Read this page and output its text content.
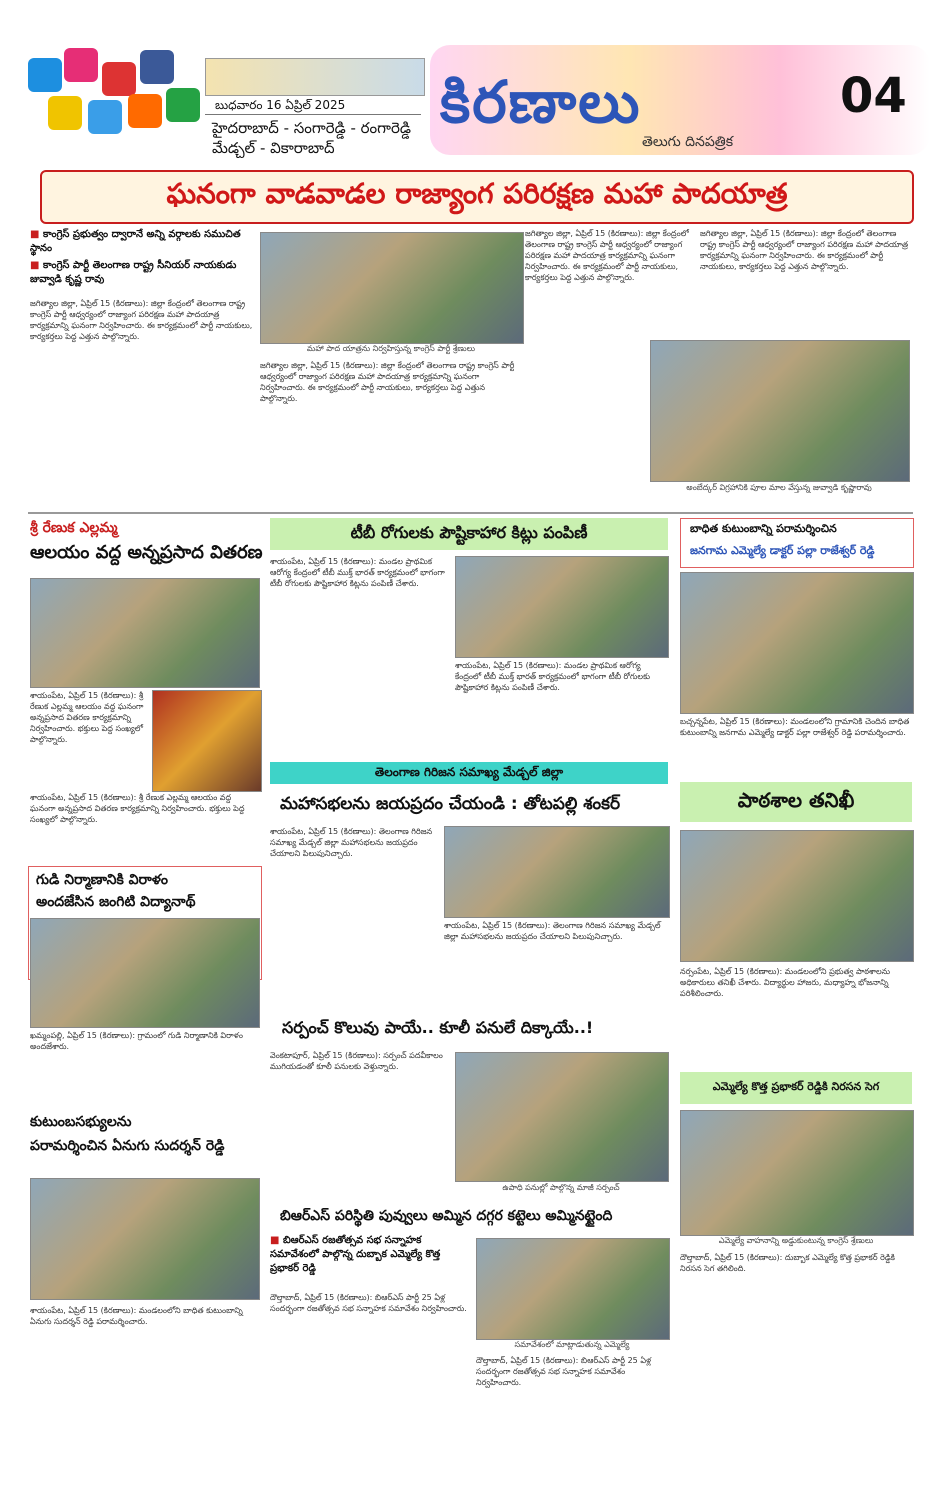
బుధవారం 16 ఏప్రిల్ 2025
హైదరాబాద్ - సంగారెడ్డి - రంగారెడ్డి
మేడ్చల్ - వికారాబాద్
కిరణాలు
తెలుగు దినపత్రిక
04
ఘనంగా వాడవాడల రాజ్యాంగ పరిరక్షణ మహా పాదయాత్ర
■ కాంగ్రెస్ ప్రభుత్వం ద్వారానే అన్ని వర్గాలకు సముచిత స్థానం
■ కాంగ్రెస్ పార్టీ తెలంగాణ రాష్ట్ర సీనియర్ నాయకుడు జువ్వాడి కృష్ణ రావు
జగిత్యాల జిల్లా, ఏప్రిల్ 15 (కిరణాలు): జిల్లా కేంద్రంలో తెలంగాణ రాష్ట్ర కాంగ్రెస్ పార్టీ ఆధ్వర్యంలో రాజ్యాంగ పరిరక్షణ మహా పాదయాత్ర కార్యక్రమాన్ని ఘనంగా నిర్వహించారు. ఈ కార్యక్రమంలో పార్టీ నాయకులు, కార్యకర్తలు పెద్ద ఎత్తున పాల్గొన్నారు.
మహా పాద యాత్రను నిర్వహిస్తున్న కాంగ్రెస్ పార్టీ శ్రేణులు
జగిత్యాల జిల్లా, ఏప్రిల్ 15 (కిరణాలు): జిల్లా కేంద్రంలో తెలంగాణ రాష్ట్ర కాంగ్రెస్ పార్టీ ఆధ్వర్యంలో రాజ్యాంగ పరిరక్షణ మహా పాదయాత్ర కార్యక్రమాన్ని ఘనంగా నిర్వహించారు. ఈ కార్యక్రమంలో పార్టీ నాయకులు, కార్యకర్తలు పెద్ద ఎత్తున పాల్గొన్నారు.
జగిత్యాల జిల్లా, ఏప్రిల్ 15 (కిరణాలు): జిల్లా కేంద్రంలో తెలంగాణ రాష్ట్ర కాంగ్రెస్ పార్టీ ఆధ్వర్యంలో రాజ్యాంగ పరిరక్షణ మహా పాదయాత్ర కార్యక్రమాన్ని ఘనంగా నిర్వహించారు. ఈ కార్యక్రమంలో పార్టీ నాయకులు, కార్యకర్తలు పెద్ద ఎత్తున పాల్గొన్నారు.
జగిత్యాల జిల్లా, ఏప్రిల్ 15 (కిరణాలు): జిల్లా కేంద్రంలో తెలంగాణ రాష్ట్ర కాంగ్రెస్ పార్టీ ఆధ్వర్యంలో రాజ్యాంగ పరిరక్షణ మహా పాదయాత్ర కార్యక్రమాన్ని ఘనంగా నిర్వహించారు. ఈ కార్యక్రమంలో పార్టీ నాయకులు, కార్యకర్తలు పెద్ద ఎత్తున పాల్గొన్నారు.
అంబేద్కర్ విగ్రహానికి పూల మాల వేస్తున్న జువ్వాడి కృష్ణారావు
శ్రీ రేణుక ఎల్లమ్మ
ఆలయం వద్ద అన్నప్రసాద వితరణ
శాయంపేట, ఏప్రిల్ 15 (కిరణాలు): శ్రీ రేణుక ఎల్లమ్మ ఆలయం వద్ద ఘనంగా అన్నప్రసాద వితరణ కార్యక్రమాన్ని నిర్వహించారు. భక్తులు పెద్ద సంఖ్యలో పాల్గొన్నారు.
శాయంపేట, ఏప్రిల్ 15 (కిరణాలు): శ్రీ రేణుక ఎల్లమ్మ ఆలయం వద్ద ఘనంగా అన్నప్రసాద వితరణ కార్యక్రమాన్ని నిర్వహించారు. భక్తులు పెద్ద సంఖ్యలో పాల్గొన్నారు.
గుడి నిర్మాణానికి విరాళం
అందజేసిన జంగిటి విద్యానాథ్
ఖమ్మంపల్లి, ఏప్రిల్ 15 (కిరణాలు): గ్రామంలో గుడి నిర్మాణానికి విరాళం అందజేశారు.
కుటుంబసభ్యులను
పరామర్శించిన ఏనుగు సుదర్శన్ రెడ్డి
శాయంపేట, ఏప్రిల్ 15 (కిరణాలు): మండలంలోని బాధిత కుటుంబాన్ని ఏనుగు సుదర్శన్ రెడ్డి పరామర్శించారు.
టీబీ రోగులకు పౌష్టికాహార కిట్లు పంపిణీ
శాయంపేట, ఏప్రిల్ 15 (కిరణాలు): మండల ప్రాథమిక ఆరోగ్య కేంద్రంలో టీబీ ముక్త్ భారత్ కార్యక్రమంలో భాగంగా టీబీ రోగులకు పౌష్టికాహార కిట్లను పంపిణీ చేశారు.
శాయంపేట, ఏప్రిల్ 15 (కిరణాలు): మండల ప్రాథమిక ఆరోగ్య కేంద్రంలో టీబీ ముక్త్ భారత్ కార్యక్రమంలో భాగంగా టీబీ రోగులకు పౌష్టికాహార కిట్లను పంపిణీ చేశారు.
తెలంగాణ గిరిజన సమాఖ్య మేడ్చల్ జిల్లా
మహాసభలను జయప్రదం చేయండి : తోటపల్లి శంకర్
శాయంపేట, ఏప్రిల్ 15 (కిరణాలు): తెలంగాణ గిరిజన సమాఖ్య మేడ్చల్ జిల్లా మహాసభలను జయప్రదం చేయాలని పిలుపునిచ్చారు.
శాయంపేట, ఏప్రిల్ 15 (కిరణాలు): తెలంగాణ గిరిజన సమాఖ్య మేడ్చల్ జిల్లా మహాసభలను జయప్రదం చేయాలని పిలుపునిచ్చారు.
సర్పంచ్ కొలువు పాయే.. కూలీ పనులే దిక్కాయే..!
వెంకటాపూర్, ఏప్రిల్ 15 (కిరణాలు): సర్పంచ్ పదవీకాలం ముగియడంతో కూలీ పనులకు వెళ్తున్నారు.
ఉపాధి పనుల్లో పాల్గొన్న మాజీ సర్పంచ్
బిఆర్ఎస్ పరిస్థితి పువ్వులు అమ్మిన దగ్గర కట్టెలు అమ్మినట్టైంది
■ బిఆర్ఎస్ రజతోత్సవ సభ సన్నాహక
సమావేశంలో పాల్గొన్న దుబ్బాక ఎమ్మెల్యే కొత్త ప్రభాకర్ రెడ్డి
దౌల్తాబాద్, ఏప్రిల్ 15 (కిరణాలు): బిఆర్ఎస్ పార్టీ 25 ఏళ్ల సందర్భంగా రజతోత్సవ సభ సన్నాహక సమావేశం నిర్వహించారు.
సమావేశంలో మాట్లాడుతున్న ఎమ్మెల్యే
దౌల్తాబాద్, ఏప్రిల్ 15 (కిరణాలు): బిఆర్ఎస్ పార్టీ 25 ఏళ్ల సందర్భంగా రజతోత్సవ సభ సన్నాహక సమావేశం నిర్వహించారు.
బాధిత కుటుంబాన్ని పరామర్శించిన
జనగామ ఎమ్మెల్యే డాక్టర్ పల్లా రాజేశ్వర్ రెడ్డి
బచ్చన్నపేట, ఏప్రిల్ 15 (కిరణాలు): మండలంలోని గ్రామానికి చెందిన బాధిత కుటుంబాన్ని జనగామ ఎమ్మెల్యే డాక్టర్ పల్లా రాజేశ్వర్ రెడ్డి పరామర్శించారు.
పాఠశాల తనిఖీ
నర్సంపేట, ఏప్రిల్ 15 (కిరణాలు): మండలంలోని ప్రభుత్వ పాఠశాలను అధికారులు తనిఖీ చేశారు. విద్యార్థుల హాజరు, మధ్యాహ్న భోజనాన్ని పరిశీలించారు.
ఎమ్మెల్యే కొత్త ప్రభాకర్ రెడ్డికి నిరసన సెగ
ఎమ్మెల్యే వాహనాన్ని అడ్డుకుంటున్న కాంగ్రెస్ శ్రేణులు
దౌల్తాబాద్, ఏప్రిల్ 15 (కిరణాలు): దుబ్బాక ఎమ్మెల్యే కొత్త ప్రభాకర్ రెడ్డికి నిరసన సెగ తగిలింది.
